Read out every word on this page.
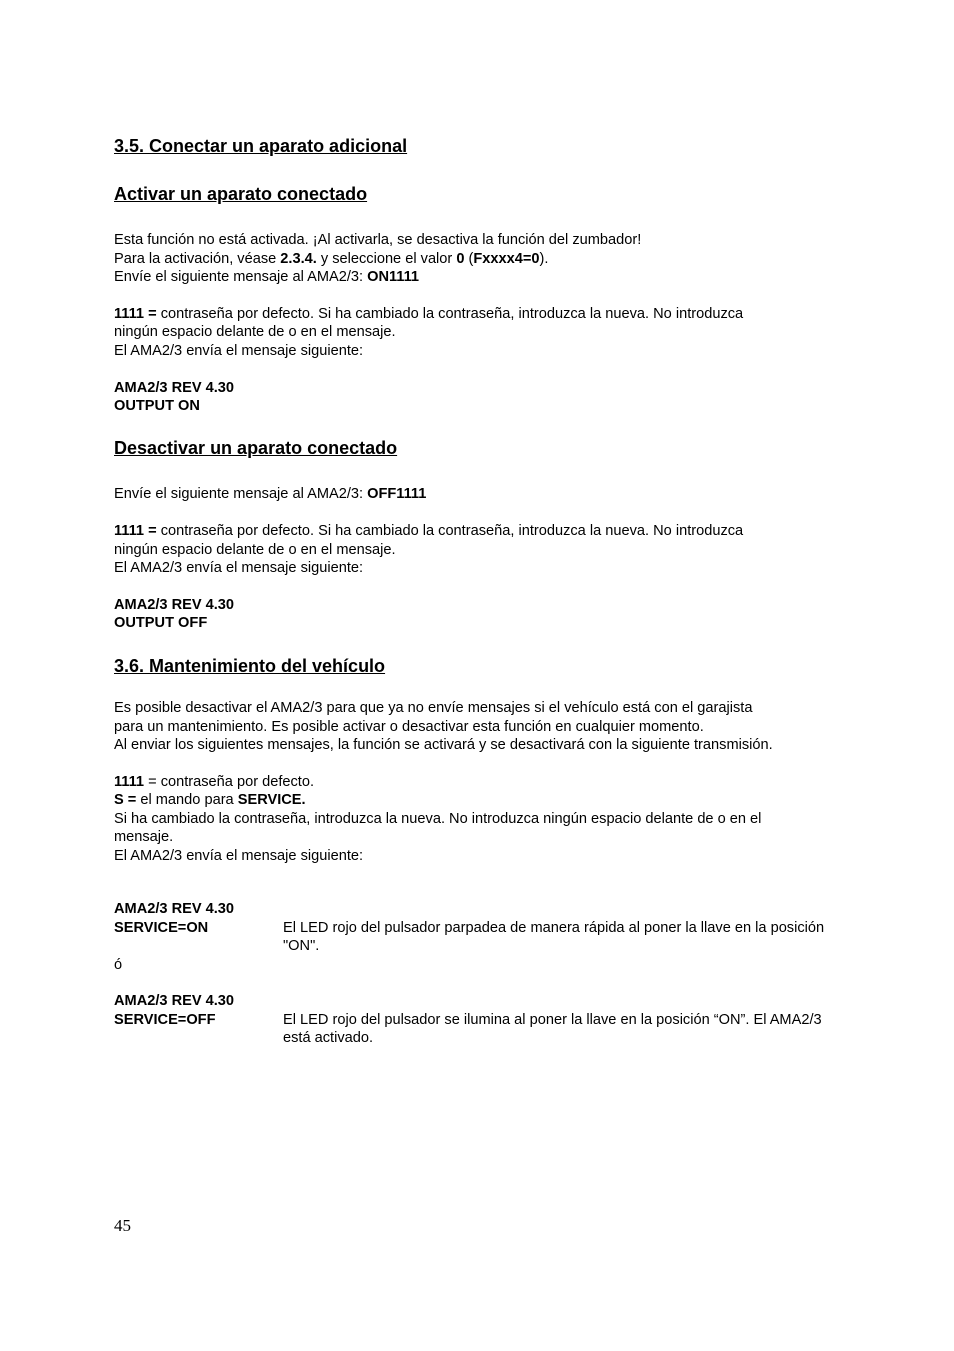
3.5. Conectar un aparato adicional
Activar un aparato conectado
Esta función no está activada. ¡Al activarla, se desactiva la función del zumbador!
Para la activación, véase 2.3.4. y seleccione el valor 0 (Fxxxx4=0).
Envíe el siguiente mensaje al AMA2/3: ON1111
1111 = contraseña por defecto. Si ha cambiado la contraseña, introduzca la nueva. No introduzca
ningún espacio delante de o en el mensaje.
El AMA2/3 envía el mensaje siguiente:
AMA2/3 REV 4.30
OUTPUT ON
Desactivar un aparato conectado
Envíe el siguiente mensaje al AMA2/3: OFF1111
1111 = contraseña por defecto. Si ha cambiado la contraseña, introduzca la nueva. No introduzca
ningún espacio delante de o en el mensaje.
El AMA2/3 envía el mensaje siguiente:
AMA2/3 REV 4.30
OUTPUT OFF
3.6. Mantenimiento del vehículo
Es posible desactivar el AMA2/3 para que ya no envíe mensajes si el vehículo está con el garajista
para un mantenimiento. Es posible activar o desactivar esta función en cualquier momento.
Al enviar los siguientes mensajes, la función se activará y se desactivará con la siguiente transmisión.
1111 = contraseña por defecto.
S = el mando para SERVICE.
Si ha cambiado la contraseña, introduzca la nueva. No introduzca ningún espacio delante de o en el
mensaje.
El AMA2/3 envía el mensaje siguiente:
AMA2/3 REV 4.30
SERVICE=ON	El LED rojo del pulsador parpadea de manera rápida al poner la llave en la posición "ON".
ó
AMA2/3 REV 4.30
SERVICE=OFF	El LED rojo del pulsador se ilumina al poner la llave en la posición “ON”. El AMA2/3 está activado.
45
